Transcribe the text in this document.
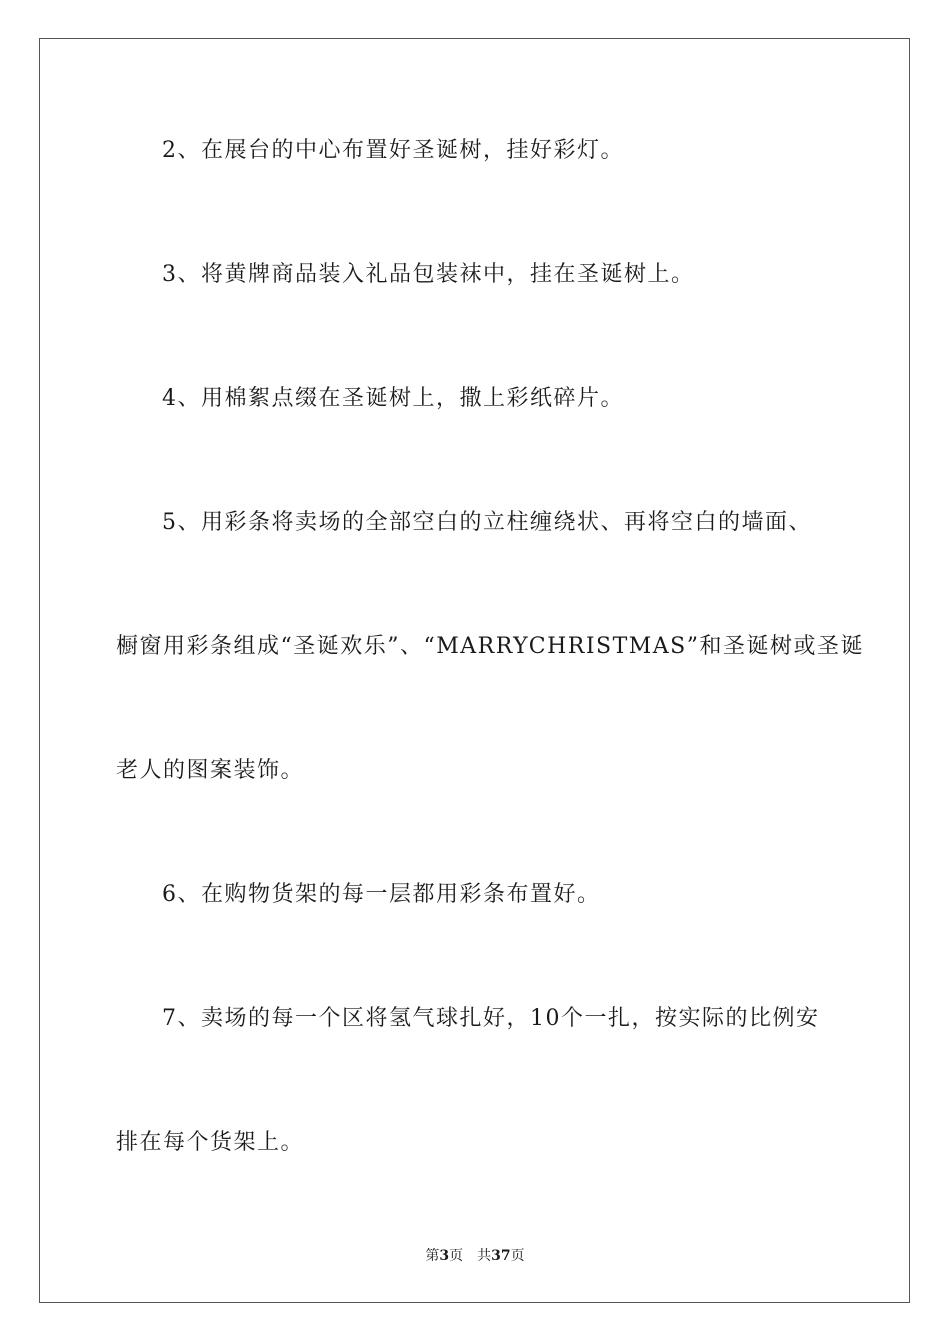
2、在展台的中心布置好圣诞树，挂好彩灯。
3、将黄牌商品装入礼品包装袜中，挂在圣诞树上。
4、用棉絮点缀在圣诞树上，撒上彩纸碎片。
5、用彩条将卖场的全部空白的立柱缠绕状、再将空白的墙面、
橱窗用彩条组成“圣诞欢乐”、“MARRYCHRISTMAS”和圣诞树或圣诞
老人的图案装饰。
6、在购物货架的每一层都用彩条布置好。
7、卖场的每一个区将氢气球扎好，10个一扎，按实际的比例安
排在每个货架上。
第3页 共37页
